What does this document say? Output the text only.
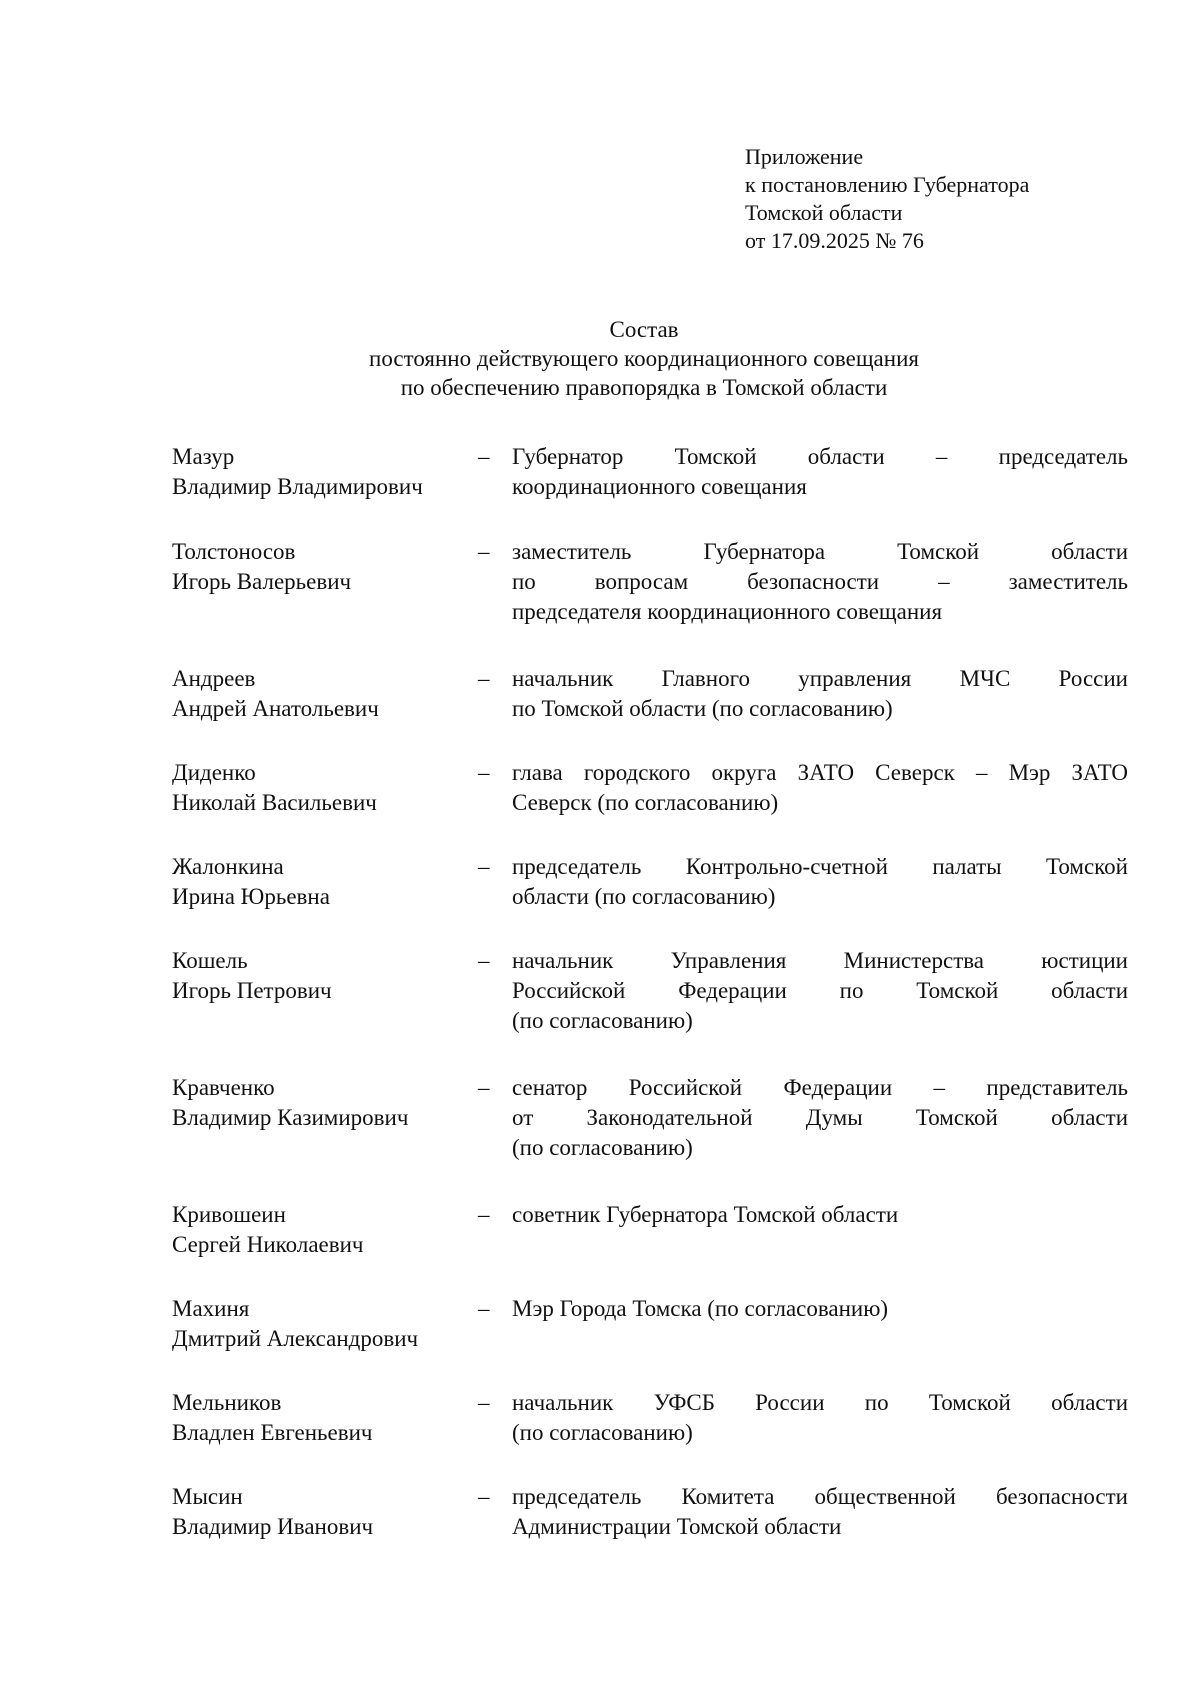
Приложение
к постановлению Губернатора
Томской области
от 17.09.2025 № 76
Состав
постоянно действующего координационного совещания
по обеспечению правопорядка в Томской области
Мазур
Владимир Владимирович
– Губернатор Томской области – председатель
координационного совещания
Толстоносов
Игорь Валерьевич
– заместитель Губернатора Томской области
по вопросам безопасности – заместитель
председателя координационного совещания
Андреев
Андрей Анатольевич
– начальник Главного управления МЧС России
по Томской области (по согласованию)
Диденко
Николай Васильевич
– глава городского округа ЗАТО Северск – Мэр ЗАТО
Северск (по согласованию)
Жалонкина
Ирина Юрьевна
– председатель Контрольно-счетной палаты Томской
области (по согласованию)
Кошель
Игорь Петрович
– начальник Управления Министерства юстиции
Российской Федерации по Томской области
(по согласованию)
Кравченко
Владимир Казимирович
– сенатор Российской Федерации – представитель
от Законодательной Думы Томской области
(по согласованию)
Кривошеин
Сергей Николаевич
– советник Губернатора Томской области
Махиня
Дмитрий Александрович
– Мэр Города Томска (по согласованию)
Мельников
Владлен Евгеньевич
– начальник УФСБ России по Томской области
(по согласованию)
Мысин
Владимир Иванович
– председатель Комитета общественной безопасности
Администрации Томской области
